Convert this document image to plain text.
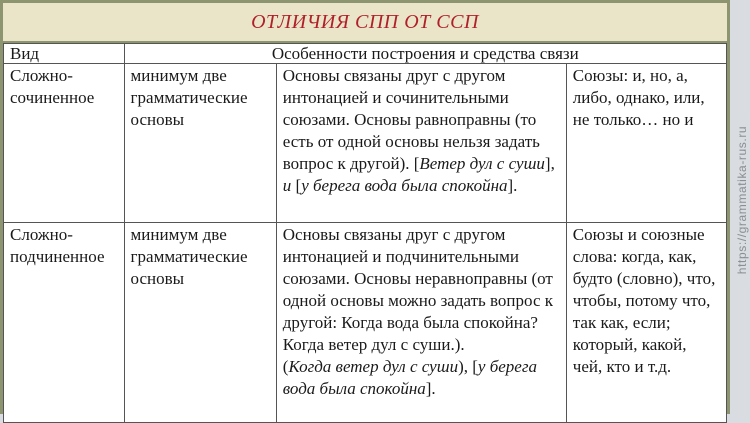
ОТЛИЧИЯ СПП ОТ ССП
Вид	Особенности построения и средства связи		
Сложно-
сочиненное	минимум две грамматические основы	Основы связаны друг с другом интонацией и сочинительными союзами. Основы равноправны (то есть от одной основы нельзя задать вопрос к другой). [Ветер дул с суши], и [у берега вода была спокойна].	Союзы: и, но, а, либо, однако, или, не только… но и
Сложно-
подчиненное	минимум две грамматические основы	Основы связаны друг с другом интонацией и подчинительными союзами. Основы неравноправны (от одной основы можно задать вопрос к другой: Когда вода была спокойна? Когда ветер дул с суши.).
(Когда ветер дул с суши), [у берега вода была спокойна].	Союзы и союзные слова: когда, как, будто (словно), что, чтобы, потому что, так как, если; который, какой, чей, кто и т.д.
https://grammatika-rus.ru
